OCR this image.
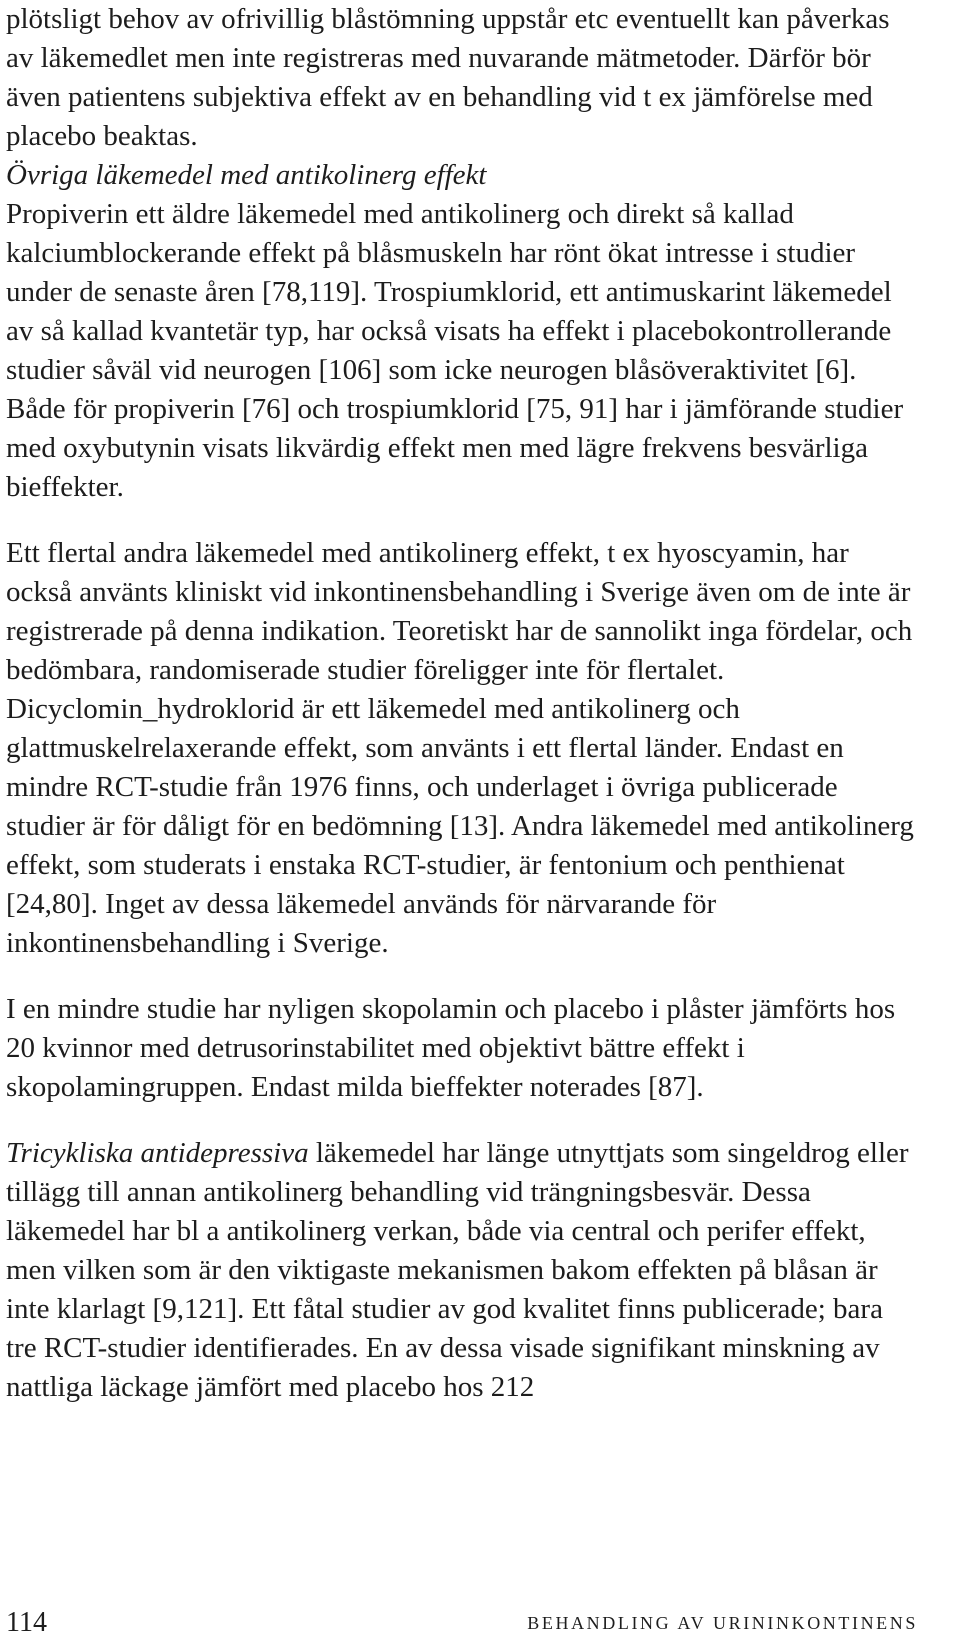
plötsligt behov av ofrivillig blåstömning uppstår etc eventuellt kan påverkas av läkemedlet men inte registreras med nuvarande mätmetoder. Därför bör även patientens subjektiva effekt av en behandling vid t ex jämförelse med placebo beaktas.

Övriga läkemedel med antikolinerg effekt

Propiverin ett äldre läkemedel med antikolinerg och direkt så kallad kalciumblockerande effekt på blåsmuskeln har rönt ökat intresse i studier under de senaste åren [78,119]. Trospiumklorid, ett antimuskarint läkemedel av så kallad kvantetär typ, har också visats ha effekt i placebokontrollerande studier såväl vid neurogen [106] som icke neurogen blåsöveraktivitet [6]. Både för propiverin [76] och trospiumklorid [75, 91] har i jämförande studier med oxybutynin visats likvärdig effekt men med lägre frekvens besvärliga bieffekter.

Ett flertal andra läkemedel med antikolinerg effekt, t ex hyoscyamin, har också använts kliniskt vid inkontinensbehandling i Sverige även om de inte är registrerade på denna indikation. Teoretiskt har de sannolikt inga fördelar, och bedömbara, randomiserade studier föreligger inte för flertalet. Dicyclomin_hydroklorid är ett läkemedel med antikolinerg och glattmuskelrelaxerande effekt, som använts i ett flertal länder. Endast en mindre RCT-studie från 1976 finns, och underlaget i övriga publicerade studier är för dåligt för en bedömning [13]. Andra läkemedel med antikolinerg effekt, som studerats i enstaka RCT-studier, är fentonium och penthienat [24,80]. Inget av dessa läkemedel används för närvarande för inkontinensbehandling i Sverige.

I en mindre studie har nyligen skopolamin och placebo i plåster jämförts hos 20 kvinnor med detrusorinstabilitet med objektivt bättre effekt i skopolamingruppen. Endast milda bieffekter noterades [87].

Tricykliska antidepressiva läkemedel har länge utnyttjats som singeldrog eller tillägg till annan antikolinerg behandling vid trängningsbesvär. Dessa läkemedel har bl a antikolinerg verkan, både via central och perifer effekt, men vilken som är den viktigaste mekanismen bakom effekten på blåsan är inte klarlagt [9,121]. Ett fåtal studier av god kvalitet finns publicerade; bara tre RCT-studier identifierades. En av dessa visade signifikant minskning av nattliga läckage jämfört med placebo hos 212

114	BEHANDLING AV URININKONTINENS
